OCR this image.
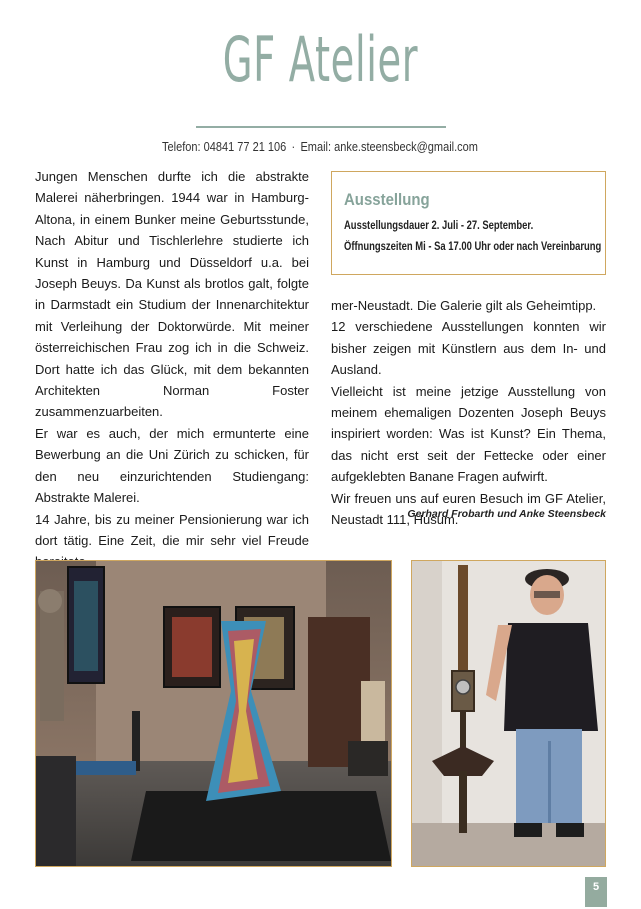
GF Atelier
Telefon: 04841 77 21 106 · Email: anke.steensbeck@gmail.com

Jungen Menschen durfte ich die abstrakte Malerei näherbringen. 1944 war in Hamburg-Altona, in einem Bunker meine Geburtsstunde, Nach Abitur und Tischlerlehre studierte ich Kunst in Hamburg und Düsseldorf u.a. bei Joseph Beuys. Da Kunst als brotlos galt, folgte in Darmstadt ein Studium der Innenarchitektur mit Verleihung der Doktorwürde. Mit meiner österreichischen Frau zog ich in die Schweiz. Dort hatte ich das Glück, mit dem bekannten Architekten Norman Foster zusammenzuarbeiten.

Er war es auch, der mich ermunterte eine Bewerbung an die Uni Zürich zu schicken, für den neu einzurichtenden Studiengang: Abstrakte Malerei.

14 Jahre, bis zu meiner Pensionierung war ich dort tätig. Eine Zeit, die mir sehr viel Freude

Ausstellung
Ausstellungsdauer 2. Juli - 27. September.
Öffnungszeiten Mi - Sa 17.00 Uhr oder nach Vereinbarung

mer-Neustadt. Die Galerie gilt als Geheimtipp.

12 verschiedene Ausstellungen konnten wir bisher zeigen mit Künstlern aus dem In- und Ausland.

Vielleicht ist meine jetzige Ausstellung von meinem ehemaligen Dozenten Joseph Beuys inspiriert worden: Was ist Kunst? Ein Thema, das nicht erst seit der Fettecke oder einer aufgeklebten Banane Fragen aufwirft.

Wir freuen uns auf euren Besuch im GF Atelier, Neustadt 111, Husum.

Gerhard Frobarth und Anke Steensbeck
5
